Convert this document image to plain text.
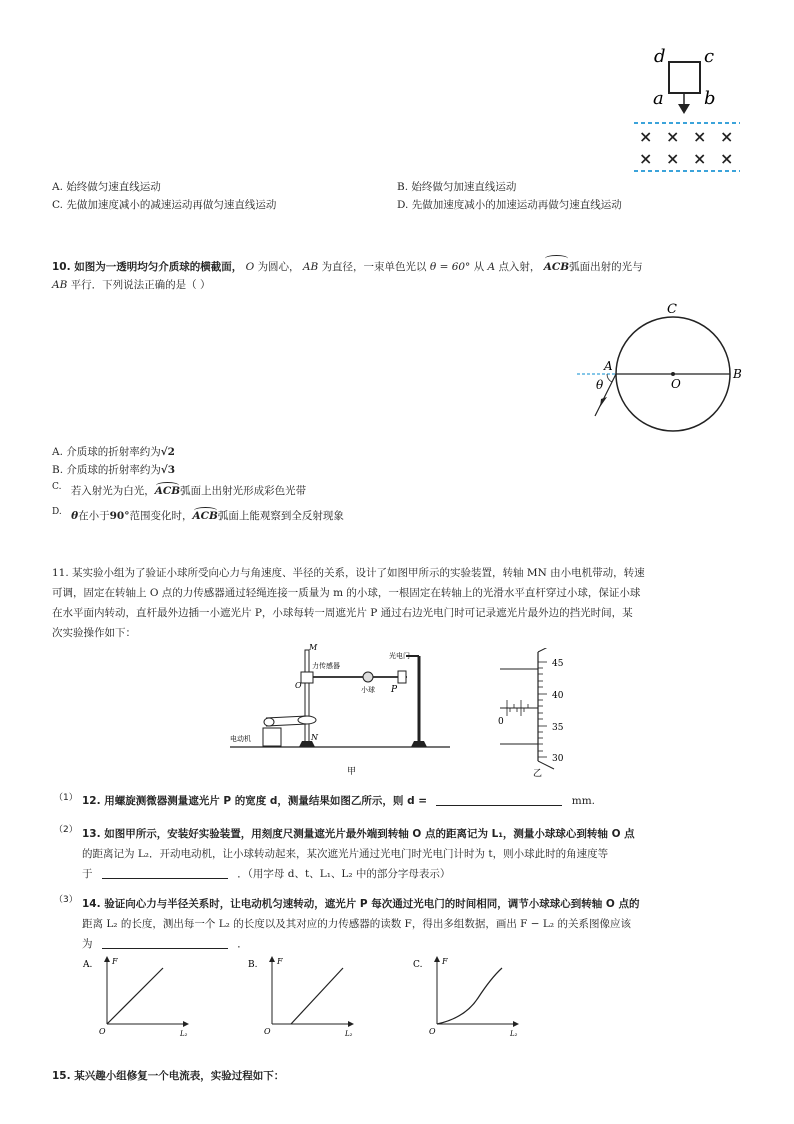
d c
a b
× × × ×
× × × ×
A. 始终做匀速直线运动	B. 始终做匀加速直线运动
C. 先做加速度减小的减速运动再做匀速直线运动	D. 先做加速度减小的加速运动再做匀速直线运动
10. 如图为一透明均匀介质球的横截面， O 为圆心， AB 为直径，一束单色光以 θ = 60° 从 A 点入射， ACB弧面出射的光与
AB 平行．下列说法正确的是（ ）
C
A
O
B
θ
A. 介质球的折射率约为√2
B. 介质球的折射率约为√3
C. 若入射光为白光，ACB弧面上出射光形成彩色光带
D. θ在小于90°范围变化时，ACB弧面上能观察到全反射现象
11. 某实验小组为了验证小球所受向心力与角速度、半径的关系，设计了如图甲所示的实验装置，转轴 MN 由小电机带动，转速
可调，固定在转轴上 O 点的力传感器通过轻绳连接一质量为 m 的小球，一根固定在转轴上的光滑水平直杆穿过小球，保证小球
在水平面内转动，直杆最外边插一小遮光片 P，小球每转一周遮光片 P 通过右边光电门时可记录遮光片最外边的挡光时间，某
次实验操作如下：
力传感器
小球
光电门
P
电动机
M
O
N
甲
45
40
35
30
0
乙
（1） 12. 用螺旋测微器测量遮光片 P 的宽度 d，测量结果如图乙所示，则 d =	mm.
（2） 13. 如图甲所示，安装好实验装置，用刻度尺测量遮光片最外端到转轴 O 点的距离记为 L₁，测量小球球心到转轴 O 点
的距离记为 L₂．开动电动机，让小球转动起来，某次遮光片通过光电门时光电门计时为 t，则小球此时的角速度等
于	．（用字母 d、t、L₁、L₂ 中的部分字母表示）
（3） 14. 验证向心力与半径关系时，让电动机匀速转动，遮光片 P 每次通过光电门的时间相同，调节小球球心到转轴 O 点的
距离 L₂ 的长度，测出每一个 L₂ 的长度以及其对应的力传感器的读数 F，得出多组数据，画出 F − L₂ 的关系图像应该
为	．
A. F
O	L₂
B. F
O	L₂
C. F
O	L₂
15. 某兴趣小组修复一个电流表，实验过程如下：
